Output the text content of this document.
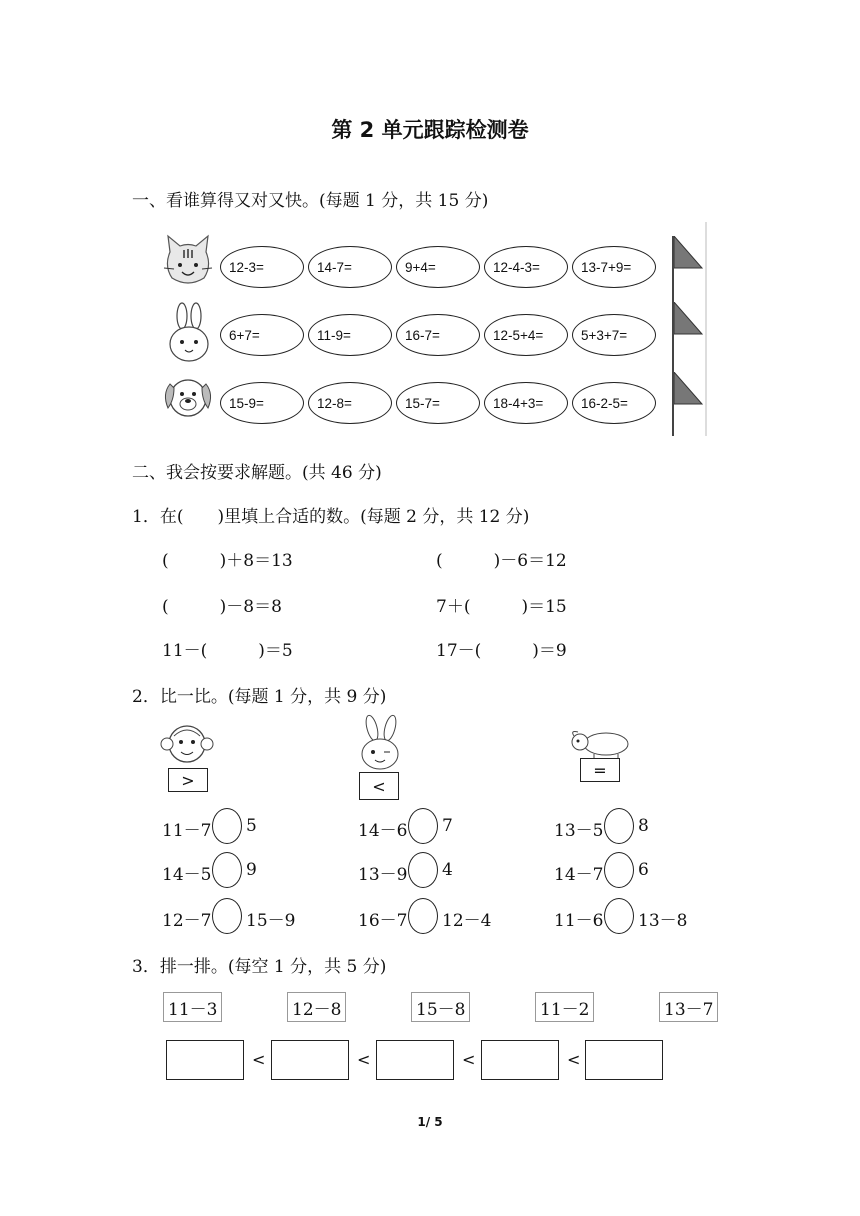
第 2 单元跟踪检测卷
一、看谁算得又对又快。(每题 1 分，共 15 分)
12-3=	14-7=	9+4=	12-4-3=	13-7+9=
6+7=	11-9=	16-7=	12-5+4=	5+3+7=
15-9=	12-8=	15-7=	18-4+3=	16-2-5=
二、我会按要求解题。(共 46 分)
1．在(　　)里填上合适的数。(每题 2 分，共 12 分)
(　　　)＋8＝13	(　　　)－6＝12
(　　　)－8＝8	7＋(　　　)＝15
11－(　　　)＝5	17－(　　　)＝9
2．比一比。(每题 1 分，共 9 分)
>	<
=
11－7 5
14－5 9
12－7 15－9
14－6 7
13－9 4
16－7 12－4
13－5 8
14－7 6
11－6 13－8
3．排一排。(每空 1 分，共 5 分)
11－3	12－8	15－8	11－2	13－7
<	<	<	<
1/ 5
